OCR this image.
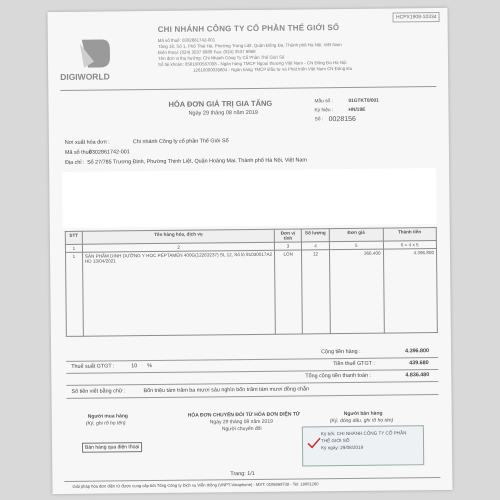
HCPX1908-10334
DIGIWORLD
CHI NHÁNH CÔNG TY CỔ PHẦN THẾ GIỚI SỐ
Mã số thuế: 0302861742-001
Tầng 16, Số 1, Phố Thái Hà, Phường Trung Liệt, Quận Đống Đa, Thành phố Hà Nội, Việt Nam
Điện thoại: (024) 3537 6888 Fax: (024) 3537 6868
Tên đơn vị thụ hưởng: Chi Nhánh Công Ty Cổ Phần Thế Giới Số
Số tài khoản: 0581000587008 - Ngân hàng TMCP Ngoại thương Việt Nam - CN Đống Đa Hà Nội
12610000039804 - Ngân hàng TMCP Đầu tư và Phát triển Việt Nam CN Đống Đa
HÓA ĐƠN GIÁ TRỊ GIA TĂNG
Ngày 29 tháng 08 năm 2019
Mẫu số :	01GTKT0/001
Ký hiệu :	HN/19E
Số : 0028156
Nơi xuất hóa đơn :	Chi nhánh Công ty cổ phần Thế Giới Số
Mã số thuế :
0302861742-001
Địa chỉ : Số 27/785 Trương Định, Phường Thịnh Liệt, Quận Hoàng Mai, Thành phố Hà Nội, Việt Nam
STT	Tên hàng hóa, dịch vụ	Đơn vị tính	Số lượng	Đơn giá	Thành tiền
1	2	3	4	5	6 = 4 x 5
1	SẢN PHẨM DINH DƯỠNG Y HỌC PEPTAMEN 400G(12263237) SL 12, Số lô 91030017A2 HD 13/04/2021	LON	12	366.400	4.396.800
Cộng tiền hàng :	4.396.800
Thuế suất GTGT :	10 %	Tiền thuế GTGT :	439.680
Tổng cộng tiền thanh toán :	4.836.480
Số tiền viết bằng chữ :	Bốn triệu tám trăm ba mươi sáu nghìn bốn trăm tám mươi đồng chẵn
Người mua hàng
(Ký, ghi rõ họ tên)
HÓA ĐƠN CHUYỂN ĐỔI TỪ HÓA ĐƠN ĐIỆN TỬ
Ngày 29 tháng 08 năm 2019
Người chuyển đổi
Người bán hàng
(Ký, đóng dấu, ghi rõ họ tên)
Bán hàng qua điện thoại
Ký bởi: CHI NHÁNH CÔNG TY CỔ PHẦN
THẾ GIỚI SỐ
Ký ngày: 29/08/2019
Trang: 1/1
Giải pháp hóa đơn điện tử được cung cấp bởi Tổng Công ty Dịch vụ Viễn thông (VNPT-Vinaphone) - MST: 0106869738 - Tel: 18001260
